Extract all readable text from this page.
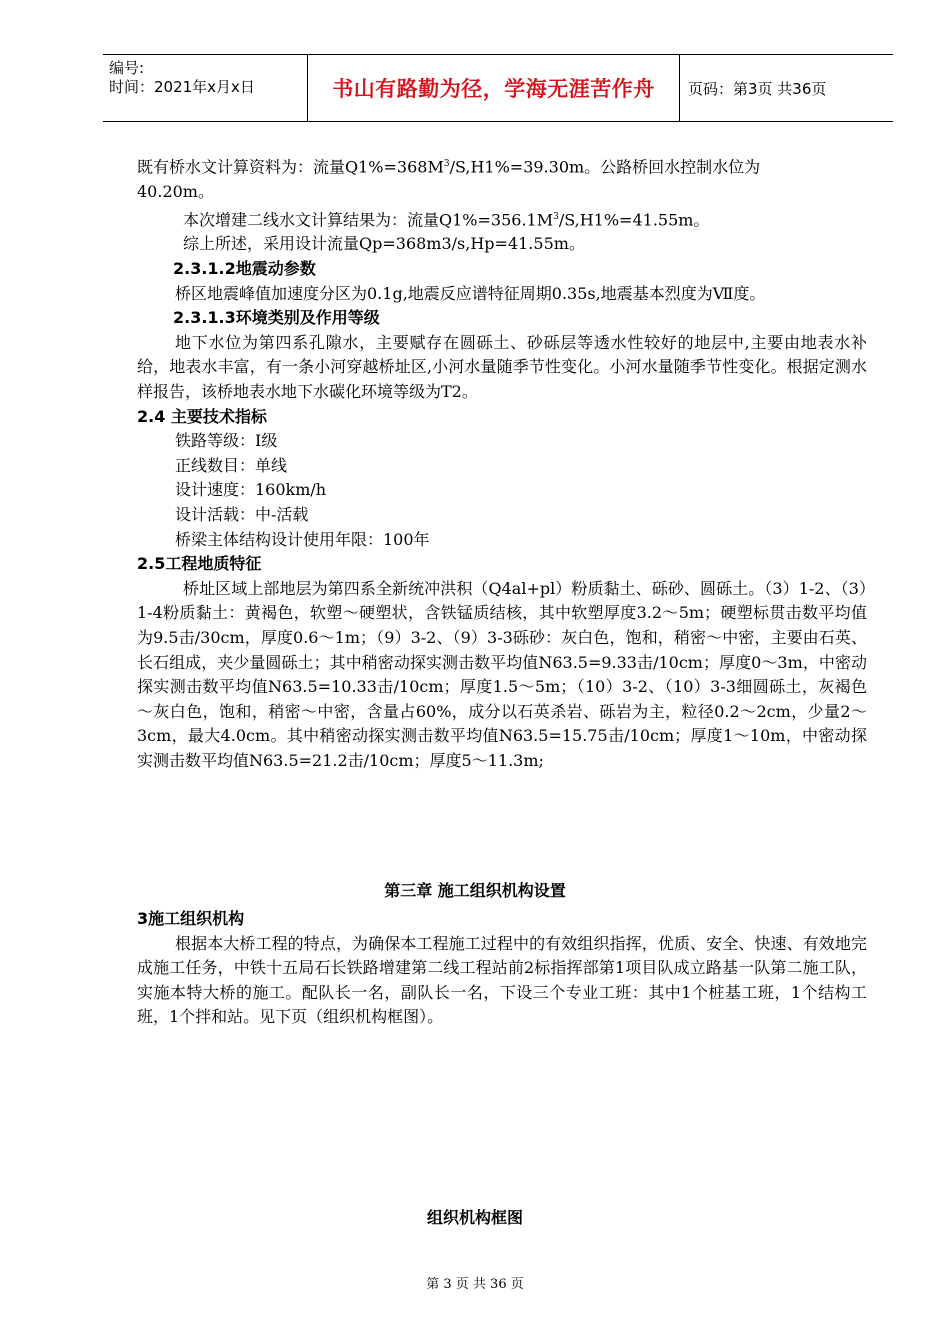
编号:
时间：2021年x月x日	书山有路勤为径，学海无涯苦作舟	页码：第3页 共36页

既有桥水文计算资料为：流量$Q1\%=368M^3/S,H1\%=39.30m$。公路桥回水控制水位为

40.20m。

本次增建二线水文计算结果为：流量$Q1\%=356.1M^3/S,H1\%=41.55m$。

综上所述，采用设计流量Qp=368m3/s,Hp=41.55m。

2.3.1.2地震动参数

桥区地震峰值加速度分区为0.1g,地震反应谱特征周期0.35s,地震基本烈度为Ⅶ度。

2.3.1.3环境类别及作用等级

地下水位为第四系孔隙水，主要赋存在圆砾土、砂砾层等透水性较好的地层中,主要由地表水补给，地表水丰富，有一条小河穿越桥址区,小河水量随季节性变化。小河水量随季节性变化。根据定测水样报告，该桥地表水地下水碳化环境等级为T2。

2.4 主要技术指标

铁路等级：Ⅰ级

正线数目：单线

设计速度：160km/h

设计活载：中-活载

桥梁主体结构设计使用年限：100年

2.5工程地质特征

桥址区域上部地层为第四系全新统冲洪积（Q4al+pl）粉质黏土、砾砂、圆砾土。（3）1-2、（3）1-4粉质黏土：黄褐色，软塑～硬塑状，含铁锰质结核，其中软塑厚度3.2～5m；硬塑标贯击数平均值为9.5击/30cm，厚度0.6～1m；（9）3-2、（9）3-3砾砂：灰白色，饱和，稍密～中密，主要由石英、长石组成，夹少量圆砾土；其中稍密动探实测击数平均值N63.5=9.33击/10cm；厚度0～3m，中密动探实测击数平均值N63.5=10.33击/10cm；厚度1.5～5m；（10）3-2、（10）3-3细圆砾土，灰褐色～灰白色，饱和，稍密～中密，含量占60%，成分以石英杀岩、砾岩为主，粒径0.2～2cm，少量2～3cm，最大4.0cm。其中稍密动探实测击数平均值N63.5=15.75击/10cm；厚度1～10m，中密动探实测击数平均值N63.5=21.2击/10cm；厚度5～11.3m;

第三章 施工组织机构设置

3施工组织机构

根据本大桥工程的特点，为确保本工程施工过程中的有效组织指挥，优质、安全、快速、有效地完成施工任务，中铁十五局石长铁路增建第二线工程站前2标指挥部第1项目队成立路基一队第二施工队，实施本特大桥的施工。配队长一名，副队长一名，下设三个专业工班：其中1个桩基工班，1个结构工班，1个拌和站。见下页（组织机构框图）。

组织机构框图
第 3 页 共 36 页
